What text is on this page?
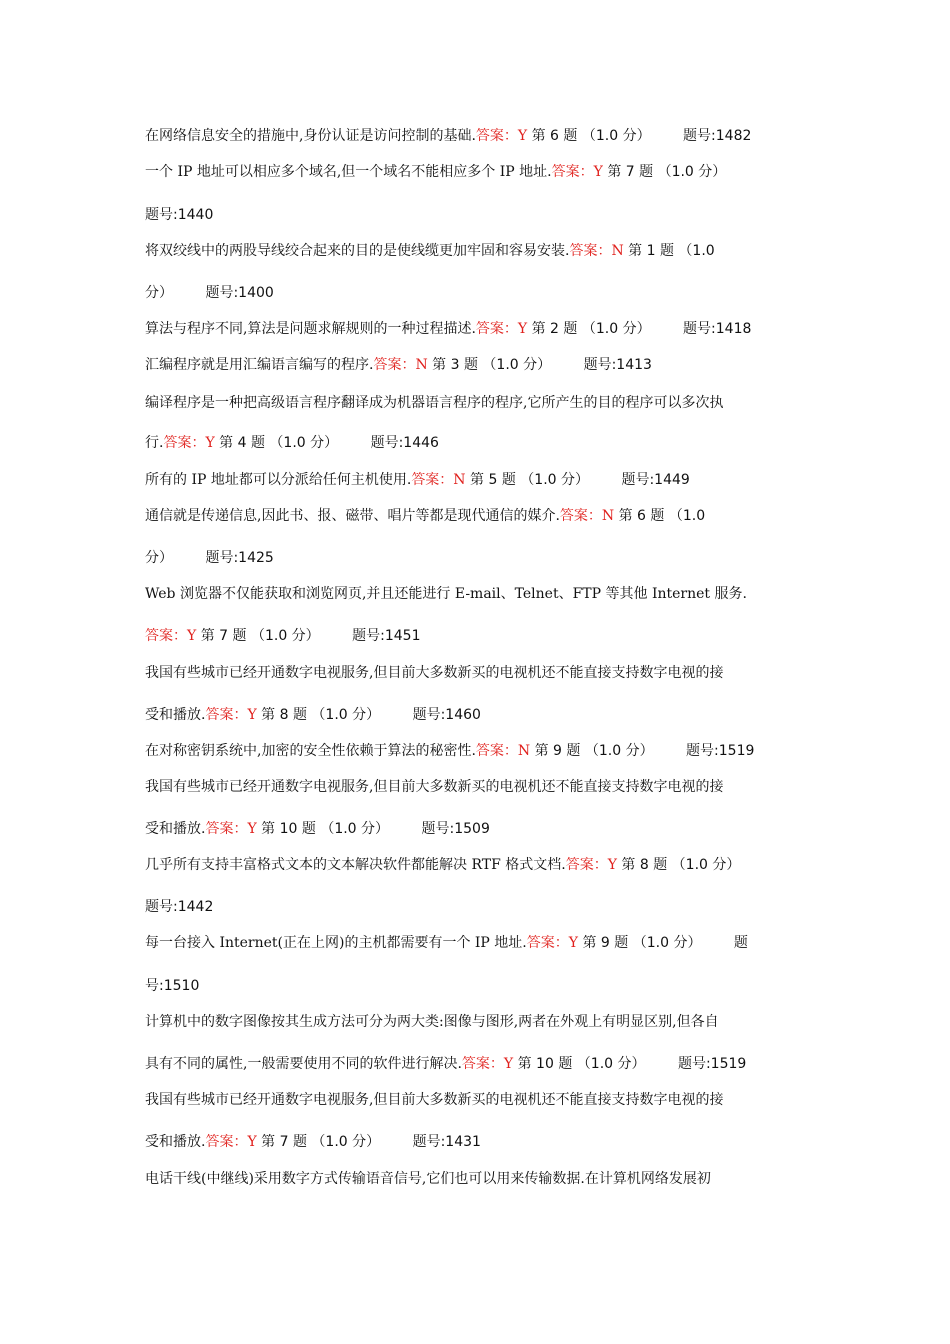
在网络信息安全的措施中,身份认证是访问控制的基础.答案：Y 第 6 题 （1.0 分） 题号:1482
一个 IP 地址可以相应多个域名,但一个域名不能相应多个 IP 地址.答案：Y 第 7 题 （1.0 分）
题号:1440
将双绞线中的两股导线绞合起来的目的是使线缆更加牢固和容易安装.答案：N 第 1 题 （1.0
分） 题号:1400
算法与程序不同,算法是问题求解规则的一种过程描述.答案：Y 第 2 题 （1.0 分） 题号:1418
汇编程序就是用汇编语言编写的程序.答案：N 第 3 题 （1.0 分） 题号:1413
编译程序是一种把高级语言程序翻译成为机器语言程序的程序,它所产生的目的程序可以多次执
行.答案：Y 第 4 题 （1.0 分） 题号:1446
所有的 IP 地址都可以分派给任何主机使用.答案：N 第 5 题 （1.0 分） 题号:1449
通信就是传递信息,因此书、报、磁带、唱片等都是现代通信的媒介.答案：N 第 6 题 （1.0
分） 题号:1425
Web 浏览器不仅能获取和浏览网页,并且还能进行 E-mail、Telnet、FTP 等其他 Internet 服务.
答案：Y 第 7 题 （1.0 分） 题号:1451
我国有些城市已经开通数字电视服务,但目前大多数新买的电视机还不能直接支持数字电视的接
受和播放.答案：Y 第 8 题 （1.0 分） 题号:1460
在对称密钥系统中,加密的安全性依赖于算法的秘密性.答案：N 第 9 题 （1.0 分） 题号:1519
我国有些城市已经开通数字电视服务,但目前大多数新买的电视机还不能直接支持数字电视的接
受和播放.答案：Y 第 10 题 （1.0 分） 题号:1509
几乎所有支持丰富格式文本的文本解决软件都能解决 RTF 格式文档.答案：Y 第 8 题 （1.0 分）
题号:1442
每一台接入 Internet(正在上网)的主机都需要有一个 IP 地址.答案：Y 第 9 题 （1.0 分） 题
号:1510
计算机中的数字图像按其生成方法可分为两大类:图像与图形,两者在外观上有明显区别,但各自
具有不同的属性,一般需要使用不同的软件进行解决.答案：Y 第 10 题 （1.0 分） 题号:1519
我国有些城市已经开通数字电视服务,但目前大多数新买的电视机还不能直接支持数字电视的接
受和播放.答案：Y 第 7 题 （1.0 分） 题号:1431
电话干线(中继线)采用数字方式传输语音信号,它们也可以用来传输数据.在计算机网络发展初
